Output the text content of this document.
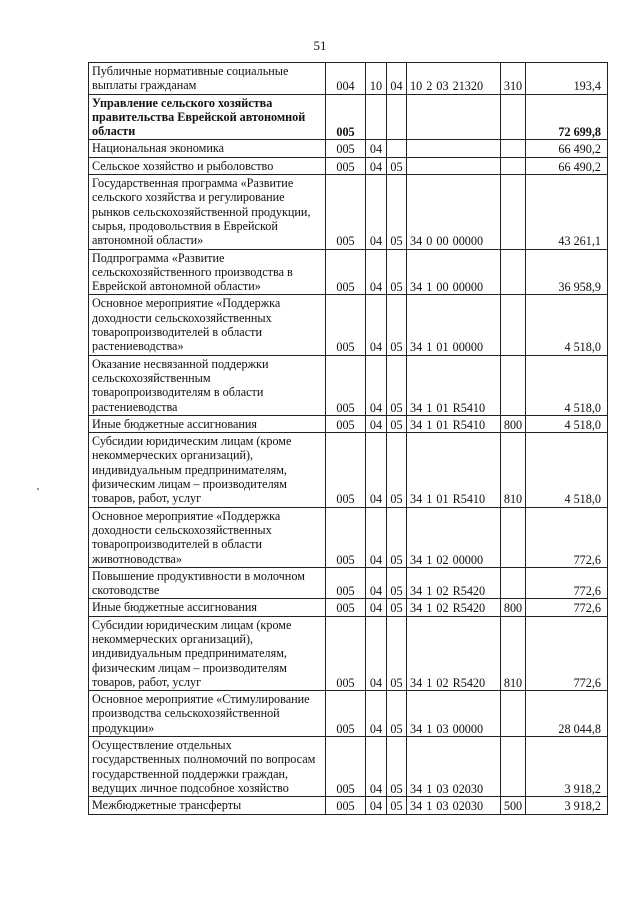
51
Публичные нормативные социальные выплаты гражданам	004	10	04	10 2 03 21320	310	193,4
Управление сельского хозяйства правительства Еврейской автономной области	005					72 699,8
Национальная экономика	005	04				66 490,2
Сельское хозяйство и рыболовство	005	04	05			66 490,2
Государственная программа «Развитие сельского хозяйства и регулирование рынков сельскохозяйственной продукции, сырья, продовольствия в Еврейской автономной области»	005	04	05	34 0 00 00000		43 261,1
Подпрограмма «Развитие сельскохозяйственного производства в Еврейской автономной области»	005	04	05	34 1 00 00000		36 958,9
Основное мероприятие «Поддержка доходности сельскохозяйственных товаропроизводителей в области растениеводства»	005	04	05	34 1 01 00000		4 518,0
Оказание несвязанной поддержки сельскохозяйственным товаропроизводителям в области растениеводства	005	04	05	34 1 01 R5410		4 518,0
Иные бюджетные ассигнования	005	04	05	34 1 01 R5410	800	4 518,0
Субсидии юридическим лицам (кроме некоммерческих организаций), индивидуальным предпринимателям, физическим лицам – производителям товаров, работ, услуг	005	04	05	34 1 01 R5410	810	4 518,0
Основное мероприятие «Поддержка доходности сельскохозяйственных товаропроизводителей в области животноводства»	005	04	05	34 1 02 00000		772,6
Повышение продуктивности в молочном скотоводстве	005	04	05	34 1 02 R5420		772,6
Иные бюджетные ассигнования	005	04	05	34 1 02 R5420	800	772,6
Субсидии юридическим лицам (кроме некоммерческих организаций), индивидуальным предпринимателям, физическим лицам – производителям товаров, работ, услуг	005	04	05	34 1 02 R5420	810	772,6
Основное мероприятие «Стимулирование производства сельскохозяйственной продукции»	005	04	05	34 1 03 00000		28 044,8
Осуществление отдельных государственных полномочий по вопросам государственной поддержки граждан, ведущих личное подсобное хозяйство	005	04	05	34 1 03 02030		3 918,2
Межбюджетные трансферты	005	04	05	34 1 03 02030	500	3 918,2
